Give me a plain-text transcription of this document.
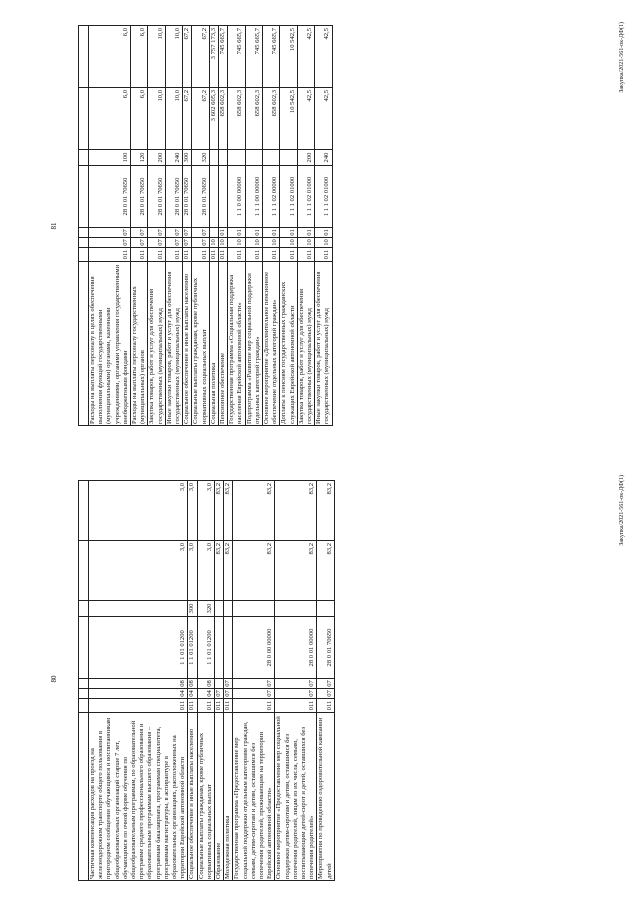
80

Частичная компенсация расходов на проезд на железнодорожном транспорте общего пользования в пригородном сообщении обучающимся и воспитанникам общеобразовательных организаций старше 7 лет, обучающимся по очной форме обучения по общеобразовательным программам, по образовательной программе среднего профессионального образования и образовательным программам высшего образования – программам бакалавриата, программам специалитета, программам магистратуры, в аспирантуре в образовательных организациях, расположенных на территории Еврейской автономной области	011	04	08	1 1 01 01200		3,0	3,0
Социальное обеспечение и иные выплаты населению	011	04	08	1 1 01 01200	300	3,0	3,0
Социальные выплаты гражданам, кроме публичных нормативных социальных выплат	011	04	08	1 1 01 01200	320	3,0	3,0
Образование	011	07				83,2	83,2
Молодежная политика	011	07	07			83,2	83,2
Государственная программа «Предоставление мер социальной поддержки отдельным категориям граждан, семьям, детям-сиротам и детям, оставшимся без попечения родителей, проживающим на территории Еврейской автономной области»	011	07	07	28 0 00 00000		83,2	83,2
Основное мероприятие «Предоставление мер социальной поддержки детям-сиротам и детям, оставшимся без попечения родителей, лицам из их числа, семьям, воспитывающим детей-сирот и детей, оставшихся без попечения родителей»	011	07	07	28 0 01 00000		83,2	83,2
Мероприятия по проведению оздоровительной кампании детей	011	07	07	28 0 01 70650		83,2	83,2	Закупка/2021-561-ок-ДФ(1)
81

Расходы на выплаты персоналу в целях обеспечения выполнения функций государственными (муниципальными) органами, казенными учреждениями, органами управления государственными внебюджетными фондами	011	07	07	28 0 01 70650	100	6,0	6,0
Расходы на выплаты персоналу государственных (муниципальных) органов	011	07	07	28 0 01 70650	120	6,0	6,0
Закупка товаров, работ и услуг для обеспечения государственных (муниципальных) нужд	011	07	07	28 0 01 70650	200	10,0	10,0
Иные закупки товаров, работ и услуг для обеспечения государственных (муниципальных) нужд	011	07	07	28 0 01 70650	240	10,0	10,0
Социальное обеспечение и иные выплаты населению	011	07	07	28 0 01 70650	300	67,2	67,2
Социальные выплаты гражданам, кроме публичных нормативных социальных выплат	011	07	07	28 0 01 70650	320	67,2	67,2
Социальная политика	011	10				3 602 605,3	3 757 173,3
Пенсионное обеспечение	011	10	01			658 602,3	745 665,7
Государственная программа «Социальная поддержка населения Еврейской автономной области»	011	10	01	1 1 0 00 00000		658 602,3	745 665,7
Подпрограмма «Развитие мер социальной поддержки отдельных категорий граждан»	011	10	01	1 1 1 00 00000		658 602,3	745 665,7
Основное мероприятие «Дополнительное пенсионное обеспечение отдельных категорий граждан»	011	10	01	1 1 1 02 00000		658 602,3	745 665,7
Доплаты к пенсиям государственных гражданских служащих Еврейской автономной области	011	10	01	1 1 1 02 01000		10 542,5	10 542,5
Закупка товаров, работ и услуг для обеспечения государственных (муниципальных) нужд	011	10	01	1 1 1 02 01000	200	42,5	42,5
Иные закупки товаров, работ и услуг для обеспечения государственных (муниципальных) нужд	011	10	01	1 1 1 02 01000	240	42,5	42,5	Закупка/2021-561-ок-ДФ(1)
